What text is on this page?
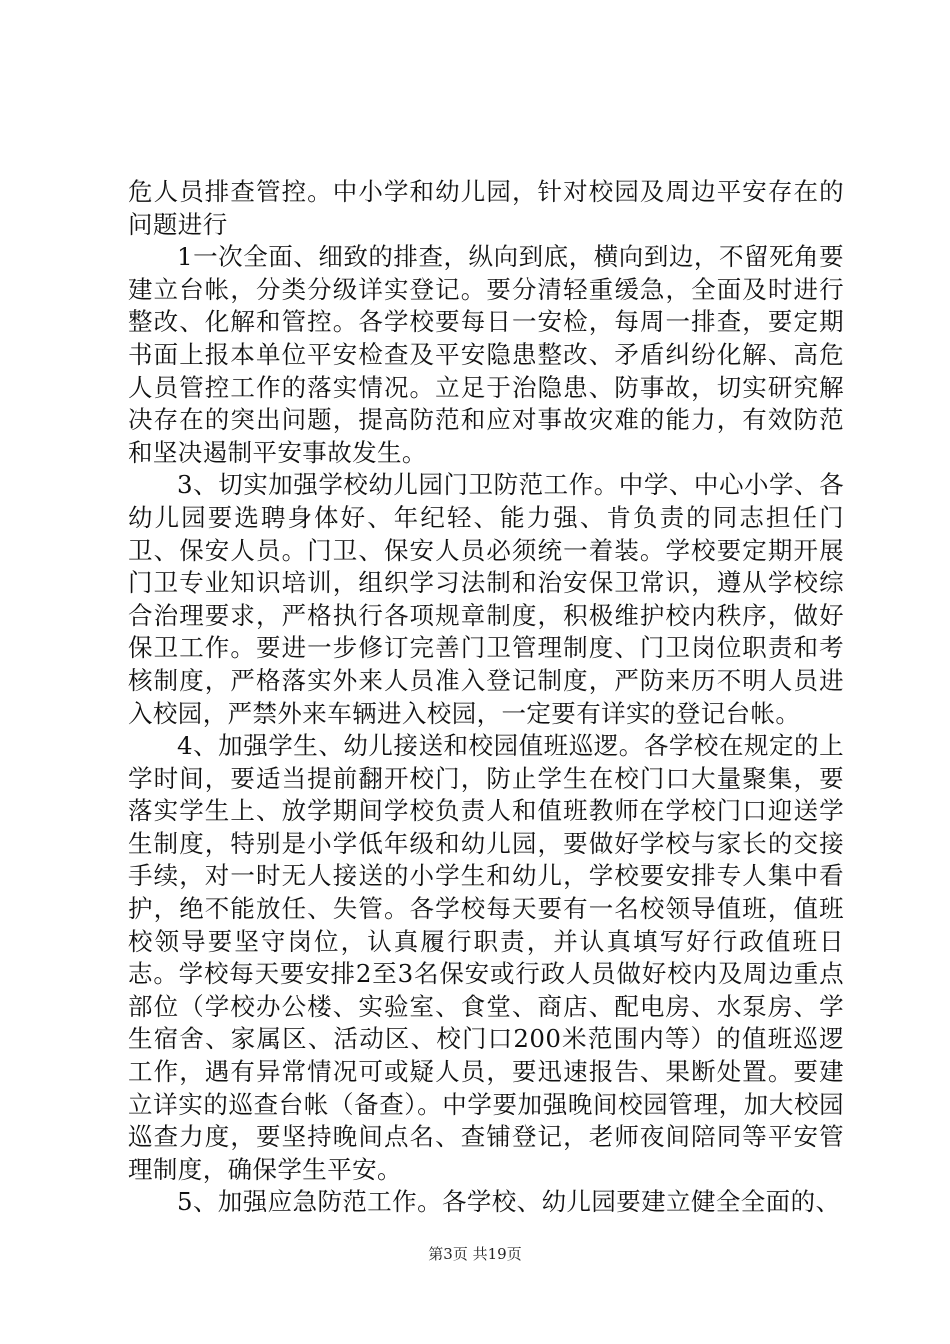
危人员排查管控。中小学和幼儿园，针对校园及周边平安存在的问题进行

1一次全面、细致的排查，纵向到底，横向到边，不留死角要建立台帐，分类分级详实登记。要分清轻重缓急，全面及时进行整改、化解和管控。各学校要每日一安检，每周一排查，要定期书面上报本单位平安检查及平安隐患整改、矛盾纠纷化解、高危人员管控工作的落实情况。立足于治隐患、防事故，切实研究解决存在的突出问题，提高防范和应对事故灾难的能力，有效防范和坚决遏制平安事故发生。

3、切实加强学校幼儿园门卫防范工作。中学、中心小学、各幼儿园要选聘身体好、年纪轻、能力强、肯负责的同志担任门卫、保安人员。门卫、保安人员必须统一着装。学校要定期开展门卫专业知识培训，组织学习法制和治安保卫常识，遵从学校综合治理要求，严格执行各项规章制度，积极维护校内秩序，做好保卫工作。要进一步修订完善门卫管理制度、门卫岗位职责和考核制度，严格落实外来人员准入登记制度，严防来历不明人员进入校园，严禁外来车辆进入校园，一定要有详实的登记台帐。

4、加强学生、幼儿接送和校园值班巡逻。各学校在规定的上学时间，要适当提前翻开校门，防止学生在校门口大量聚集，要落实学生上、放学期间学校负责人和值班教师在学校门口迎送学生制度，特别是小学低年级和幼儿园，要做好学校与家长的交接手续，对一时无人接送的小学生和幼儿，学校要安排专人集中看护，绝不能放任、失管。各学校每天要有一名校领导值班，值班校领导要坚守岗位，认真履行职责，并认真填写好行政值班日志。学校每天要安排2至3名保安或行政人员做好校内及周边重点部位（学校办公楼、实验室、食堂、商店、配电房、水泵房、学生宿舍、家属区、活动区、校门口200米范围内等）的值班巡逻工作，遇有异常情况可或疑人员，要迅速报告、果断处置。要建立详实的巡查台帐（备查）。中学要加强晚间校园管理，加大校园巡查力度，要坚持晚间点名、查铺登记，老师夜间陪同等平安管理制度，确保学生平安。

5、加强应急防范工作。各学校、幼儿园要建立健全全面的、

第3页 共19页
